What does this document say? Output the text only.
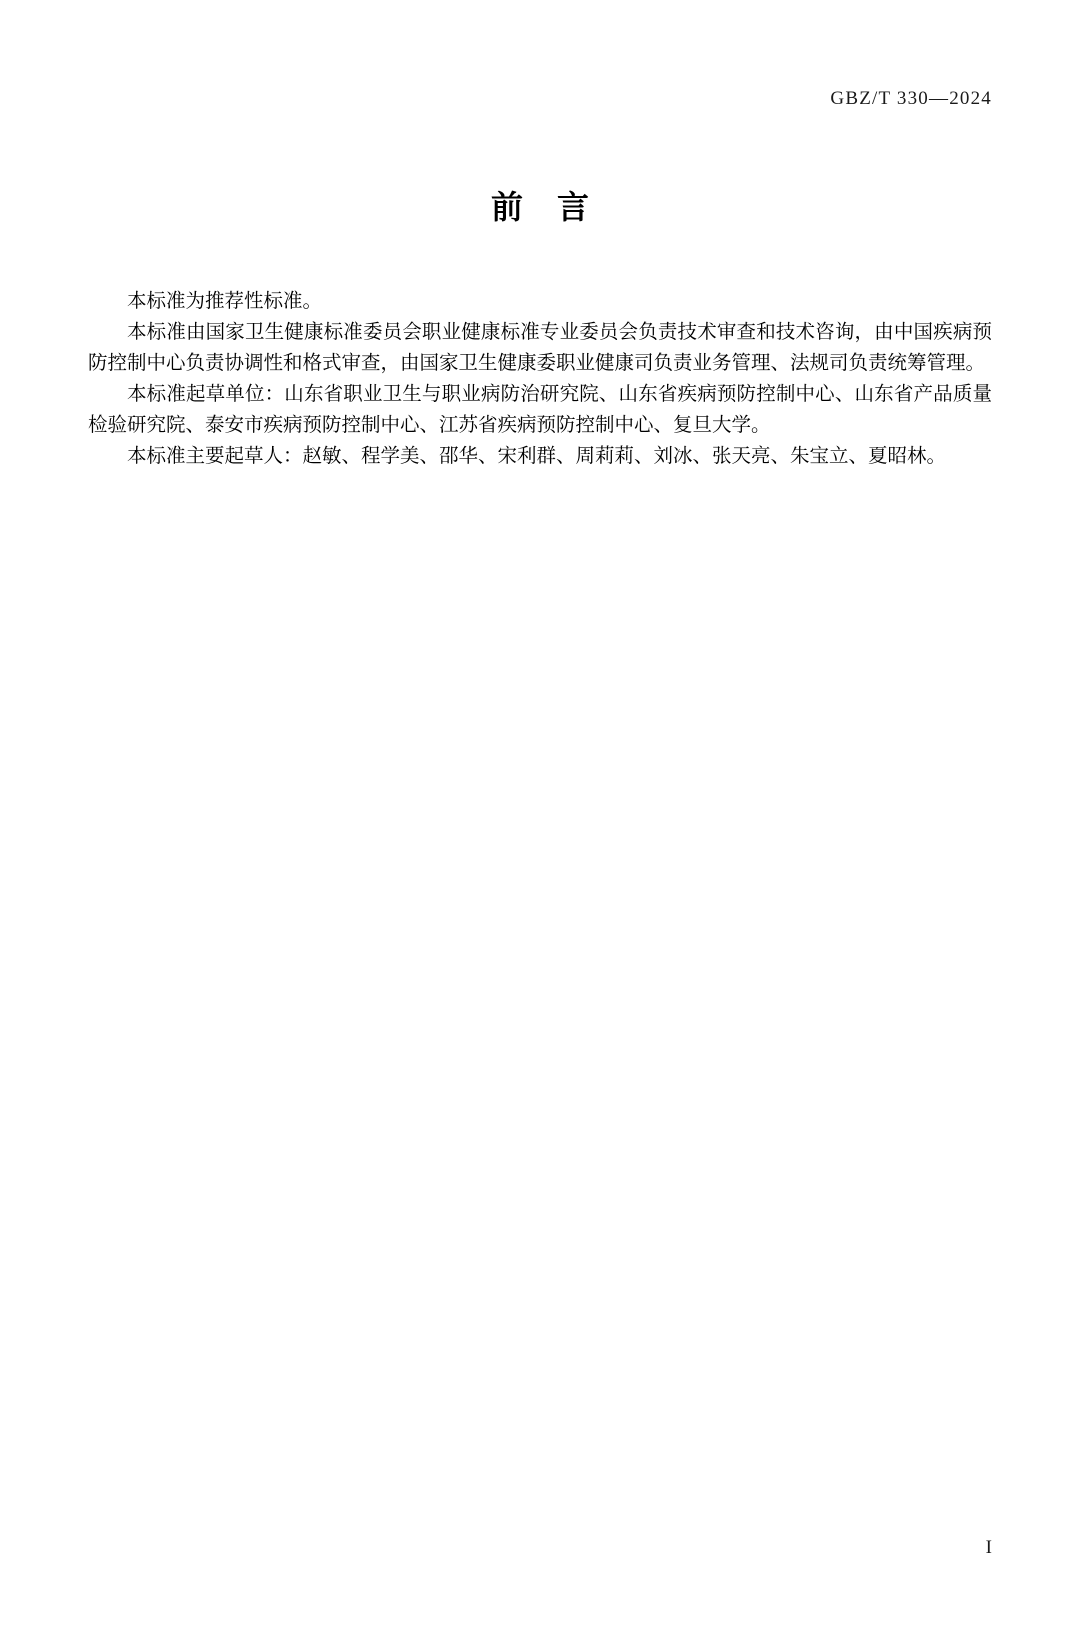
GBZ/T 330—2024
前言

本标准为推荐性标准。

本标准由国家卫生健康标准委员会职业健康标准专业委员会负责技术审查和技术咨询，由中国疾病预防控制中心负责协调性和格式审查，由国家卫生健康委职业健康司负责业务管理、法规司负责统筹管理。

本标准起草单位：山东省职业卫生与职业病防治研究院、山东省疾病预防控制中心、山东省产品质量检验研究院、泰安市疾病预防控制中心、江苏省疾病预防控制中心、复旦大学。

本标准主要起草人：赵敏、程学美、邵华、宋利群、周莉莉、刘冰、张天亮、朱宝立、夏昭林。

I
